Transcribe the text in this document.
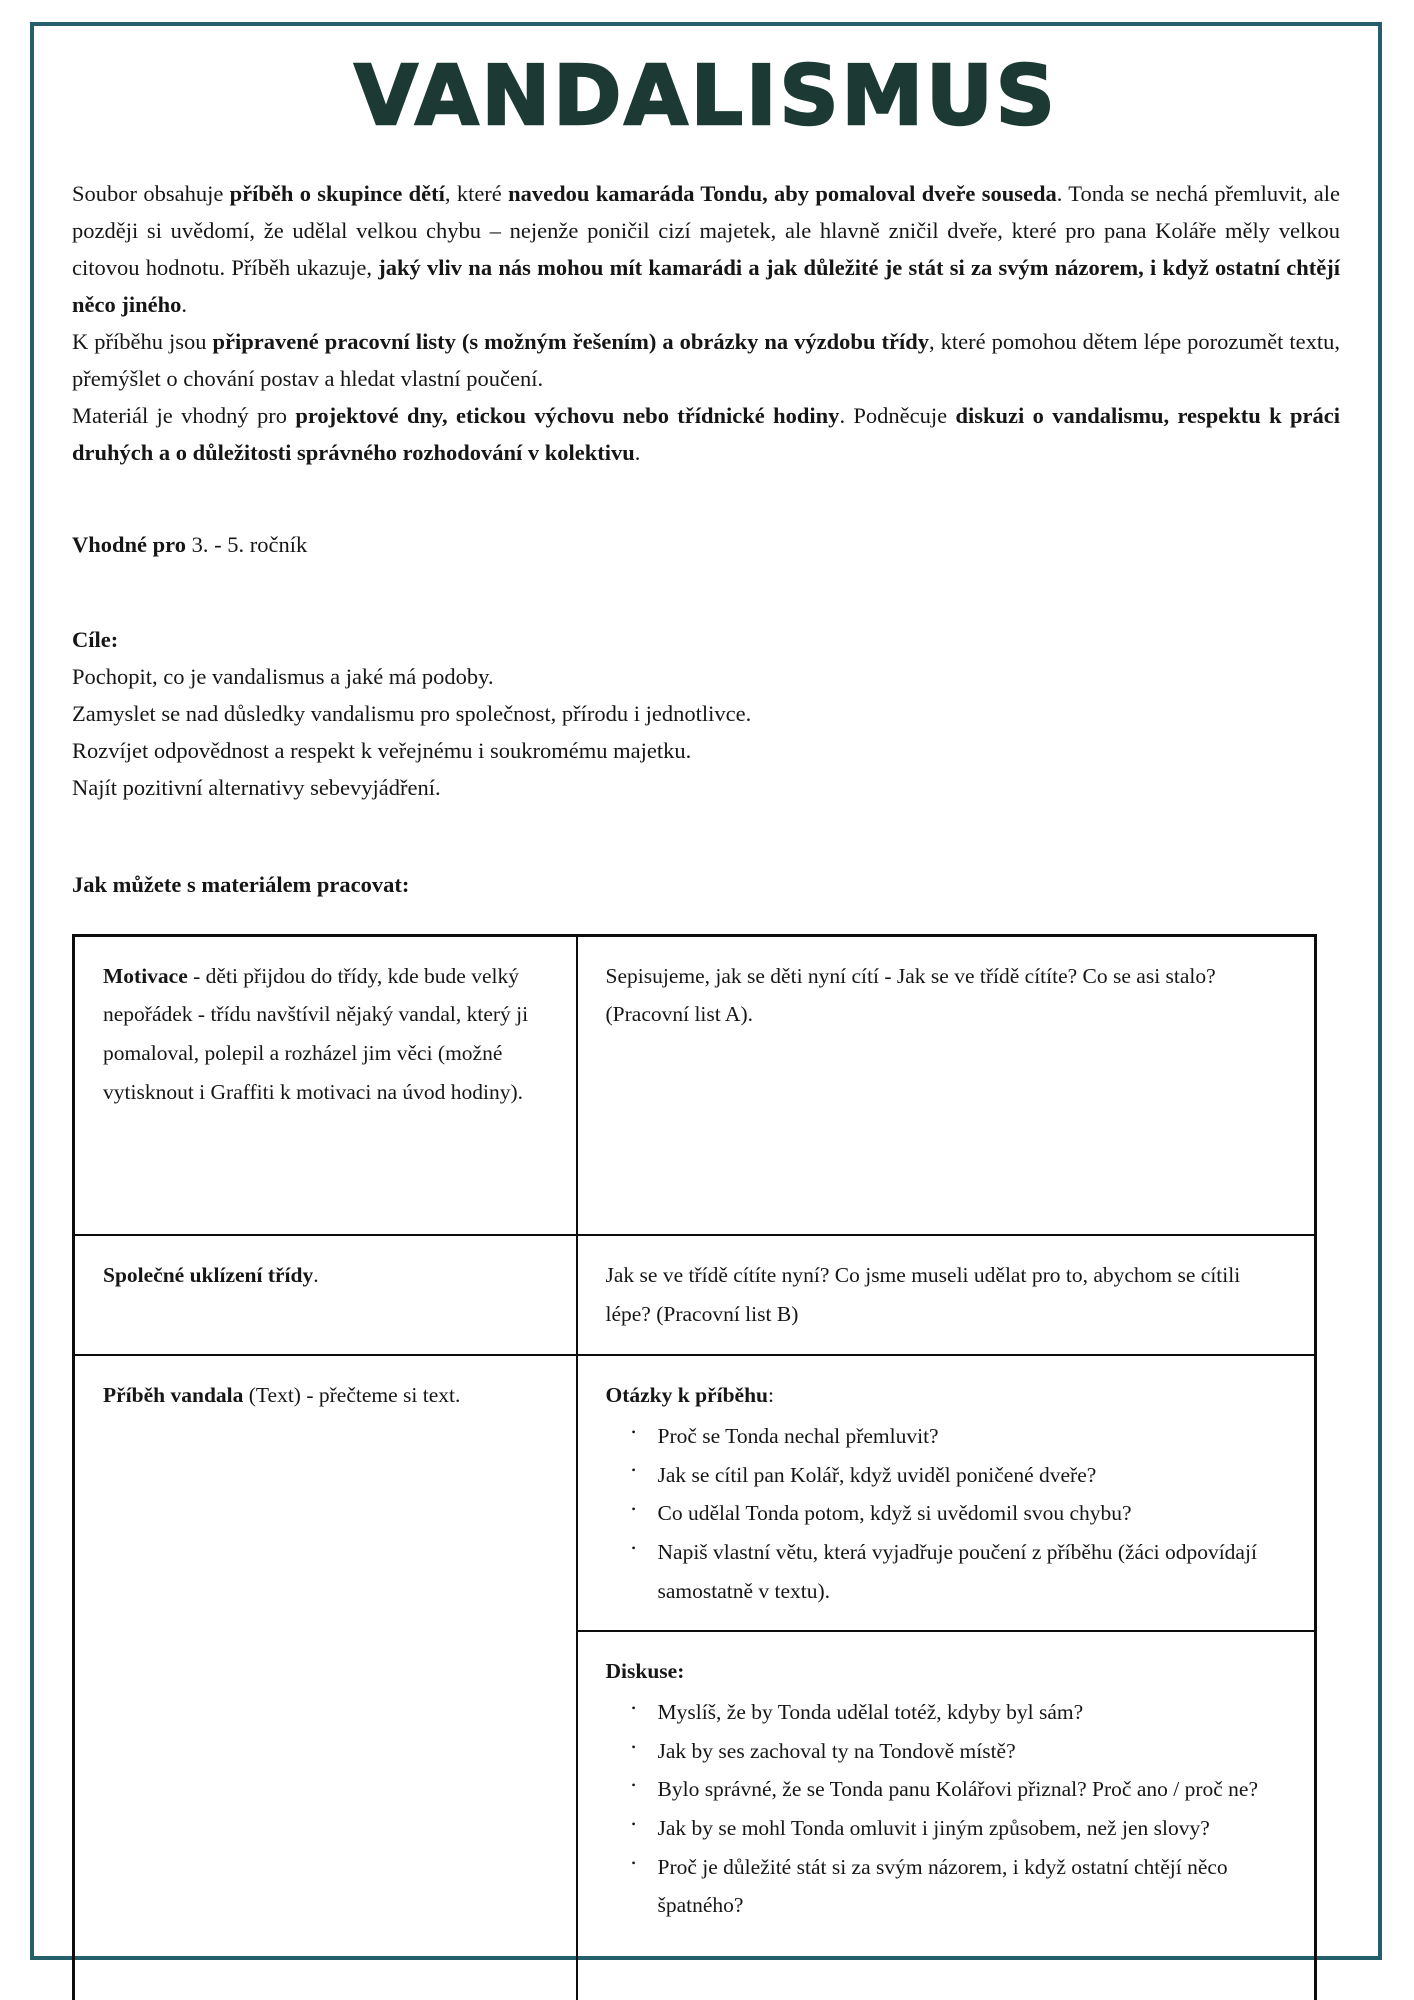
VANDALISMUS

Soubor obsahuje příběh o skupince dětí, které navedou kamaráda Tondu, aby pomaloval dveře souseda. Tonda se nechá přemluvit, ale později si uvědomí, že udělal velkou chybu – nejenže poničil cizí majetek, ale hlavně zničil dveře, které pro pana Koláře měly velkou citovou hodnotu. Příběh ukazuje, jaký vliv na nás mohou mít kamarádi a jak důležité je stát si za svým názorem, i když ostatní chtějí něco jiného.

K příběhu jsou připravené pracovní listy (s možným řešením) a obrázky na výzdobu třídy, které pomohou dětem lépe porozumět textu, přemýšlet o chování postav a hledat vlastní poučení.

Materiál je vhodný pro projektové dny, etickou výchovu nebo třídnické hodiny. Podněcuje diskuzi o vandalismu, respektu k práci druhých a o důležitosti správného rozhodování v kolektivu.

Vhodné pro 3. - 5. ročník

Cíle:

Pochopit, co je vandalismus a jaké má podoby.
Zamyslet se nad důsledky vandalismu pro společnost, přírodu i jednotlivce.
Rozvíjet odpovědnost a respekt k veřejnému i soukromému majetku.
Najít pozitivní alternativy sebevyjádření.

Jak můžete s materiálem pracovat:

Motivace - děti přijdou do třídy, kde bude velký nepořádek - třídu navštívil nějaký vandal, který ji pomaloval, polepil a rozházel jim věci (možné vytisknout i Graffiti k motivaci na úvod hodiny).	Sepisujeme, jak se děti nyní cítí - Jak se ve třídě cítíte? Co se asi stalo? (Pracovní list A).
Společné uklízení třídy.	Jak se ve třídě cítíte nyní? Co jsme museli udělat pro to, abychom se cítili lépe? (Pracovní list B)
Příběh vandala (Text) - přečteme si text.	Otázky k příběhu:

• Proč se Tonda nechal přemluvit?
• Jak se cítil pan Kolář, když uviděl poničené dveře?
• Co udělal Tonda potom, když si uvědomil svou chybu?
• Napiš vlastní větu, která vyjadřuje poučení z příběhu (žáci odpovídají samostatně v textu).

Diskuse:

• Myslíš, že by Tonda udělal totéž, kdyby byl sám?
• Jak by ses zachoval ty na Tondově místě?
• Bylo správné, že se Tonda panu Kolářovi přiznal? Proč ano / proč ne?
• Jak by se mohl Tonda omluvit i jiným způsobem, než jen slovy?
• Proč je důležité stát si za svým názorem, i když ostatní chtějí něco špatného?
